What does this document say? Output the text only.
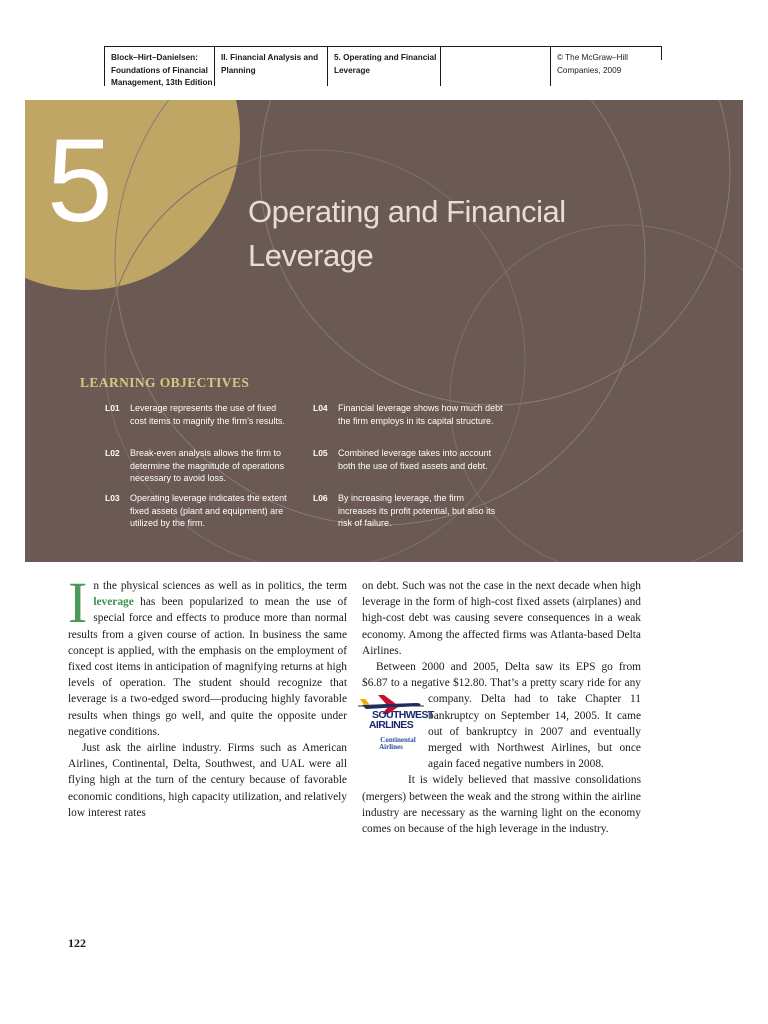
Block–Hirt–Danielsen: Foundations of Financial Management, 13th Edition
II. Financial Analysis and Planning
5. Operating and Financial Leverage
© The McGraw–Hill Companies, 2009
5	Operating and Financial
Leverage
LEARNING OBJECTIVES
L01 Leverage represents the use of fixed cost items to magnify the firm’s results.
L02 Break-even analysis allows the firm to determine the magnitude of operations necessary to avoid loss.
L03 Operating leverage indicates the extent fixed assets (plant and equipment) are utilized by the firm.
L04 Financial leverage shows how much debt the firm employs in its capital structure.
L05 Combined leverage takes into account both the use of fixed assets and debt.
L06 By increasing leverage, the firm increases its profit potential, but also its risk of failure.

In the physical sciences as well as in politics, the term leverage has been popularized to mean the use of special force and effects to produce more than normal results from a given course of action. In business the same concept is applied, with the emphasis on the employment of fixed cost items in anticipation of magnifying returns at high levels of operation. The student should recognize that leverage is a two-edged sword—producing highly favorable results when things go well, and quite the opposite under negative conditions.

Just ask the airline industry. Firms such as American Airlines, Continental, Delta, Southwest, and UAL were all flying high at the turn of the century because of favorable economic conditions, high capacity utilization, and relatively low interest rates

on debt. Such was not the case in the next decade when high leverage in the form of high-cost fixed assets (airplanes) and high-cost debt was causing severe consequences in a weak economy. Among the affected firms was Atlanta-based Delta Airlines.

Between 2000 and 2005, Delta saw its EPS go from $6.87 to a negative $12.80. That’s a pretty scary ride for any company. Delta had to take
SOUTHWEST
AIRLINES
Continental
Airlines
Chapter 11 bankruptcy on September 14, 2005. It came out of bankruptcy in 2007 and eventually merged with Northwest Airlines, but once again faced negative numbers in 2008.

It is widely believed that massive consolidations (mergers) between the weak and the strong within the airline industry are necessary as the warning light on the economy comes on because of the high leverage in the industry.

122
